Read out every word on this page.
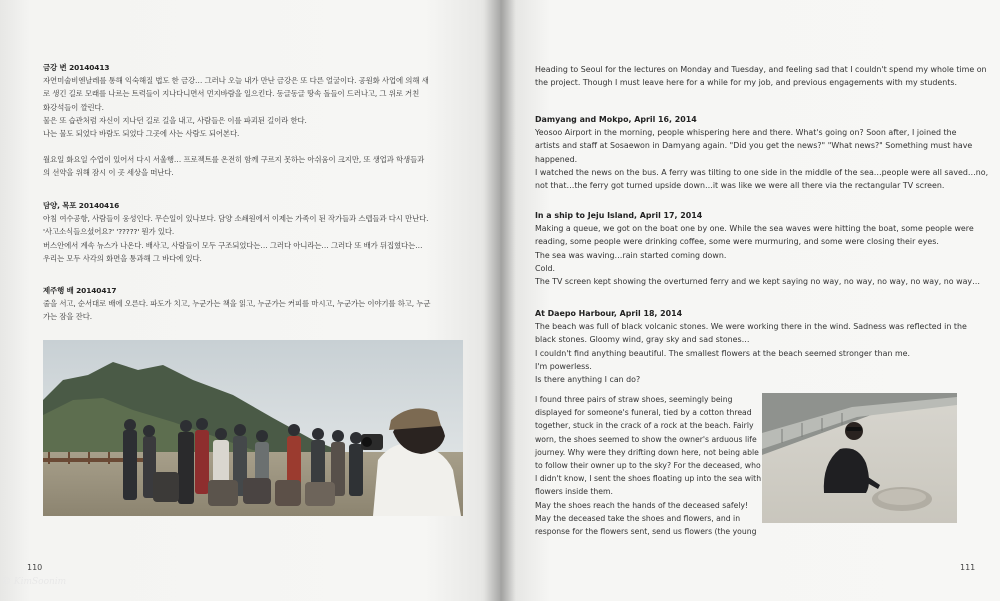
금강 변 20140413
자연미술비엔날레를 통해 익숙해질 법도 한 금강… 그러나 오늘 내가 만난 금강은 또 다른 얼굴이다. 공원화 사업에 의해 새
로 생긴 길로 모래를 나르는 트럭들이 지나다니면서 먼지바람을 일으킨다. 동글동글 땅속 돌들이 드러나고, 그 위로 거친
화강석들이 깔린다.
물은 또 습관처럼 자신이 지나던 길로 길을 내고, 사람들은 이를 파괴된 길이라 한다.
나는 물도 되었다 바람도 되었다 그곳에 사는 사람도 되어본다.
월요일 화요일 수업이 있어서 다시 서울행… 프로젝트를 온전히 함께 구르지 못하는 아쉬움이 크지만, 또 생업과 학생들과
의 선약을 위해 잠시 이 곳 세상을 떠난다.
담양, 목포 20140416
아침 여수공항, 사람들이 웅성인다. 무슨일이 있나보다. 담양 소쇄원에서 이제는 가족이 된 작가들과 스텝들과 다시 만난다.
'사고소식들으셨어요?' '?????' 뭔가 있다.
버스안에서 계속 뉴스가 나온다. 배사고, 사람들이 모두 구조되었다는… 그러다 아니라는… 그러다 또 배가 뒤집혔다는…
우리는 모두 사각의 화면을 통과해 그 바다에 있다.
제주행 배 20140417
줄을 서고, 순서대로 배에 오른다. 파도가 치고, 누군가는 책을 읽고, 누군가는 커피를 마시고, 누군가는 이야기를 하고, 누군
가는 잠을 잔다.
110
© KimSoonim
Heading to Seoul for the lectures on Monday and Tuesday, and feeling sad that I couldn't spend my whole time on
the project. Though I must leave here for a while for my job, and previous engagements with my students.
Damyang and Mokpo, April 16, 2014
Yeosoo Airport in the morning, people whispering here and there. What's going on? Soon after, I joined the
artists and staff at Sosaewon in Damyang again. "Did you get the news?" "What news?" Something must have
happened.
I watched the news on the bus. A ferry was tilting to one side in the middle of the sea…people were all saved…no,
not that…the ferry got turned upside down…it was like we were all there via the rectangular TV screen.
In a ship to Jeju Island, April 17, 2014
Making a queue, we got on the boat one by one. While the sea waves were hitting the boat, some people were
reading, some people were drinking coffee, some were murmuring, and some were closing their eyes.
The sea was waving…rain started coming down.
Cold.
The TV screen kept showing the overturned ferry and we kept saying no way, no way, no way, no way, no way…
At Daepo Harbour, April 18, 2014
The beach was full of black volcanic stones. We were working there in the wind. Sadness was reflected in the
black stones. Gloomy wind, gray sky and sad stones…
I couldn't find anything beautiful. The smallest flowers at the beach seemed stronger than me.
I'm powerless.
Is there anything I can do?
I found three pairs of straw shoes, seemingly being
displayed for someone's funeral, tied by a cotton thread
together, stuck in the crack of a rock at the beach. Fairly
worn, the shoes seemed to show the owner's arduous life
journey. Why were they drifting down here, not being able
to follow their owner up to the sky? For the deceased, who
I didn't know, I sent the shoes floating up into the sea with
flowers inside them.
May the shoes reach the hands of the deceased safely!
May the deceased take the shoes and flowers, and in
response for the flowers sent, send us flowers (the young
111
